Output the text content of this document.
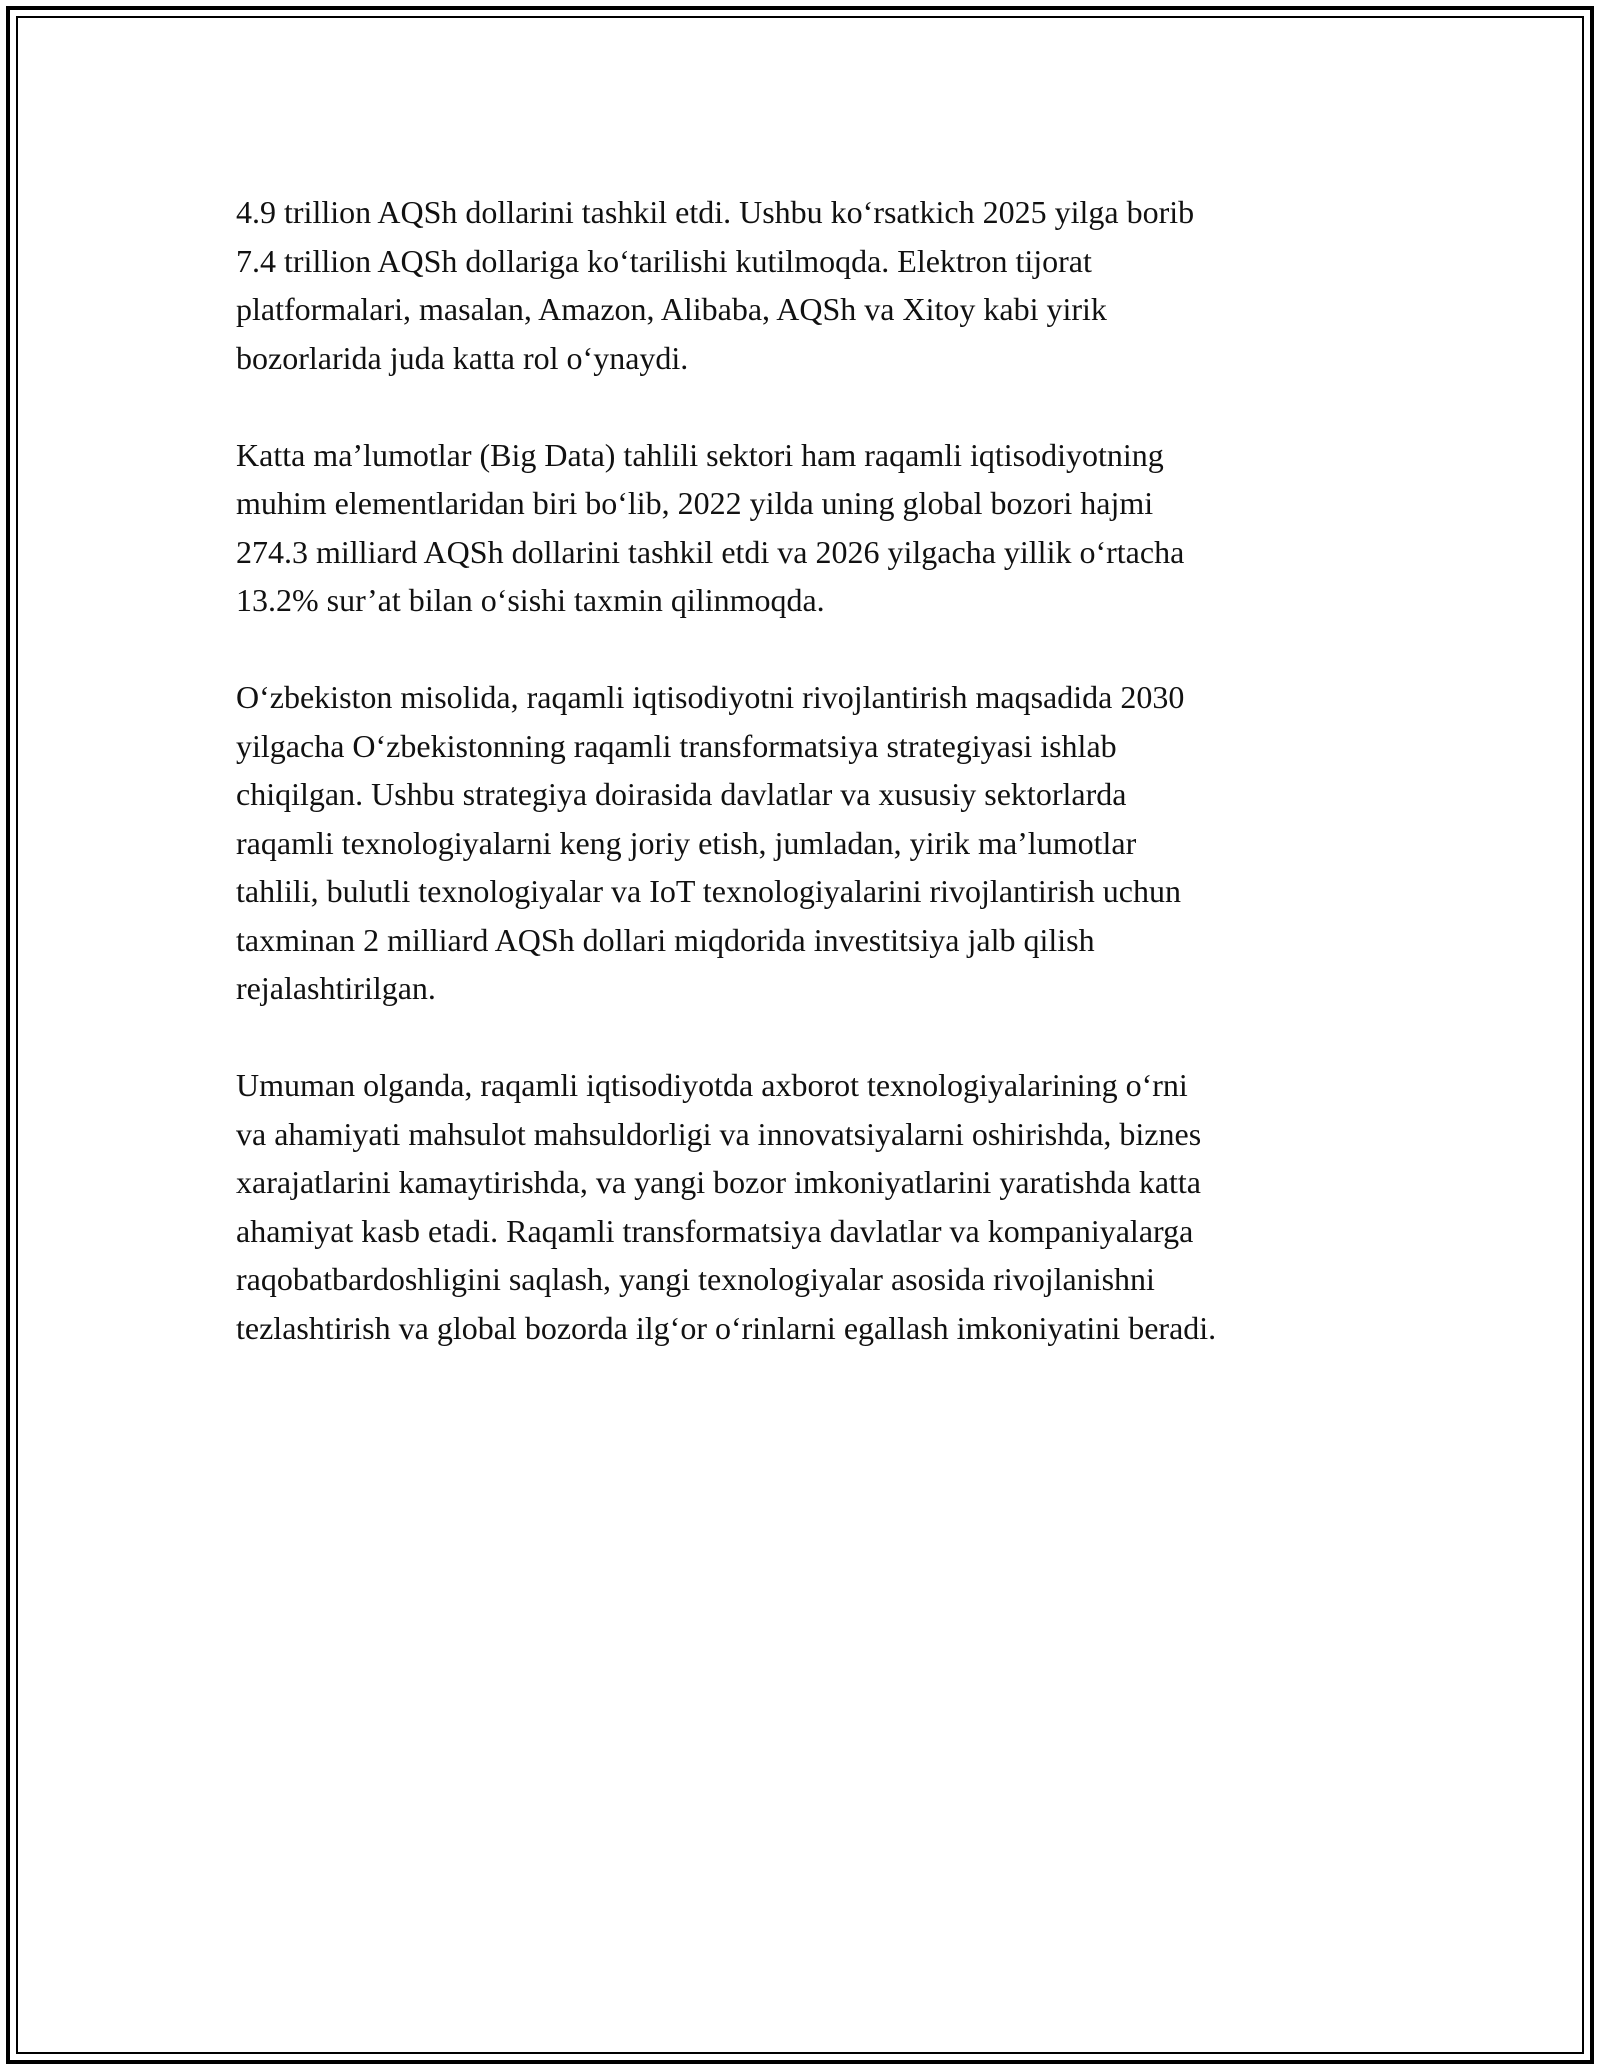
4.9 trillion AQSh dollarini tashkil etdi. Ushbu ko‘rsatkich 2025 yilga borib
7.4 trillion AQSh dollariga ko‘tarilishi kutilmoqda. Elektron tijorat
platformalari, masalan, Amazon, Alibaba, AQSh va Xitoy kabi yirik
bozorlarida juda katta rol o‘ynaydi.

Katta ma’lumotlar (Big Data) tahlili sektori ham raqamli iqtisodiyotning
muhim elementlaridan biri bo‘lib, 2022 yilda uning global bozori hajmi
274.3 milliard AQSh dollarini tashkil etdi va 2026 yilgacha yillik o‘rtacha
13.2% sur’at bilan o‘sishi taxmin qilinmoqda.

O‘zbekiston misolida, raqamli iqtisodiyotni rivojlantirish maqsadida 2030
yilgacha O‘zbekistonning raqamli transformatsiya strategiyasi ishlab
chiqilgan. Ushbu strategiya doirasida davlatlar va xususiy sektorlarda
raqamli texnologiyalarni keng joriy etish, jumladan, yirik ma’lumotlar
tahlili, bulutli texnologiyalar va IoT texnologiyalarini rivojlantirish uchun
taxminan 2 milliard AQSh dollari miqdorida investitsiya jalb qilish
rejalashtirilgan.

Umuman olganda, raqamli iqtisodiyotda axborot texnologiyalarining o‘rni
va ahamiyati mahsulot mahsuldorligi va innovatsiyalarni oshirishda, biznes
xarajatlarini kamaytirishda, va yangi bozor imkoniyatlarini yaratishda katta
ahamiyat kasb etadi. Raqamli transformatsiya davlatlar va kompaniyalarga
raqobatbardoshligini saqlash, yangi texnologiyalar asosida rivojlanishni
tezlashtirish va global bozorda ilg‘or o‘rinlarni egallash imkoniyatini beradi.
